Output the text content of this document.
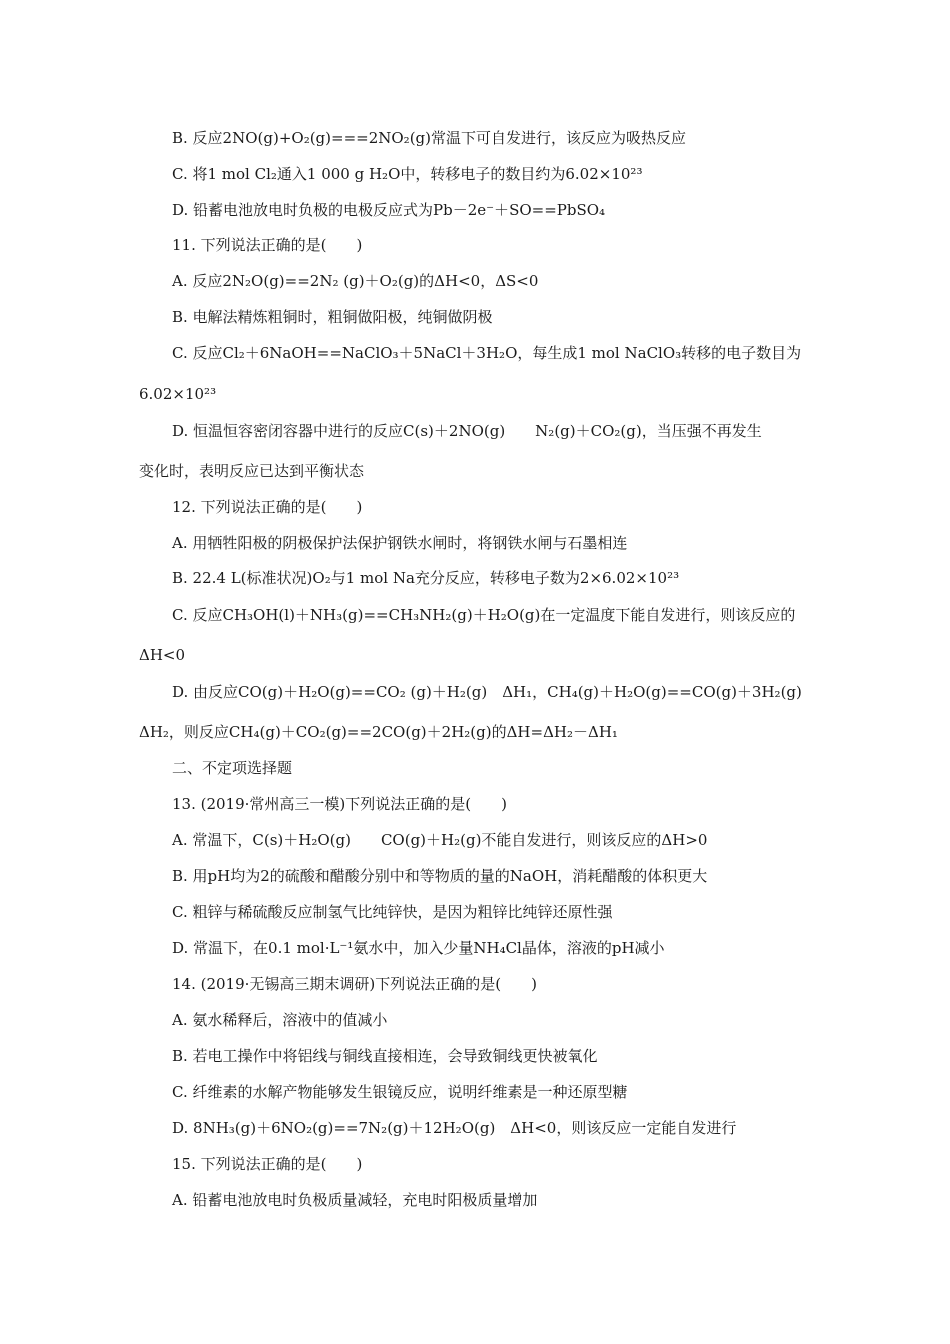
B. 反应2NO(g)+O₂(g)===2NO₂(g)常温下可自发进行，该反应为吸热反应
C. 将1 mol Cl₂通入1 000 g H₂O中，转移电子的数目约为6.02×10²³
D. 铅蓄电池放电时负极的电极反应式为Pb－2e⁻＋SO==PbSO₄
11. 下列说法正确的是(　　)
A. 反应2N₂O(g)==2N₂ (g)＋O₂(g)的ΔH<0，ΔS<0
B. 电解法精炼粗铜时，粗铜做阳极，纯铜做阴极
C. 反应Cl₂＋6NaOH==NaClO₃＋5NaCl＋3H₂O，每生成1 mol NaClO₃转移的电子数目为
6.02×10²³
D. 恒温恒容密闭容器中进行的反应C(s)＋2NO(g)　　N₂(g)＋CO₂(g)，当压强不再发生
变化时，表明反应已达到平衡状态
12. 下列说法正确的是(　　)
A. 用牺牲阳极的阴极保护法保护钢铁水闸时，将钢铁水闸与石墨相连
B. 22.4 L(标准状况)O₂与1 mol Na充分反应，转移电子数为2×6.02×10²³
C. 反应CH₃OH(l)＋NH₃(g)==CH₃NH₂(g)＋H₂O(g)在一定温度下能自发进行，则该反应的
ΔH<0
D. 由反应CO(g)＋H₂O(g)==CO₂ (g)＋H₂(g)　ΔH₁，CH₄(g)＋H₂O(g)==CO(g)＋3H₂(g)
ΔH₂，则反应CH₄(g)＋CO₂(g)==2CO(g)＋2H₂(g)的ΔH=ΔH₂－ΔH₁
二、不定项选择题
13. (2019·常州高三一模)下列说法正确的是(　　)
A. 常温下，C(s)＋H₂O(g)　　CO(g)＋H₂(g)不能自发进行，则该反应的ΔH>0
B. 用pH均为2的硫酸和醋酸分别中和等物质的量的NaOH，消耗醋酸的体积更大
C. 粗锌与稀硫酸反应制氢气比纯锌快，是因为粗锌比纯锌还原性强
D. 常温下，在0.1 mol·L⁻¹氨水中，加入少量NH₄Cl晶体，溶液的pH减小
14. (2019·无锡高三期末调研)下列说法正确的是(　　)
A. 氨水稀释后，溶液中的值减小
B. 若电工操作中将铝线与铜线直接相连，会导致铜线更快被氧化
C. 纤维素的水解产物能够发生银镜反应，说明纤维素是一种还原型糖
D. 8NH₃(g)＋6NO₂(g)==7N₂(g)＋12H₂O(g)　ΔH<0，则该反应一定能自发进行
15. 下列说法正确的是(　　)
A. 铅蓄电池放电时负极质量减轻，充电时阳极质量增加
